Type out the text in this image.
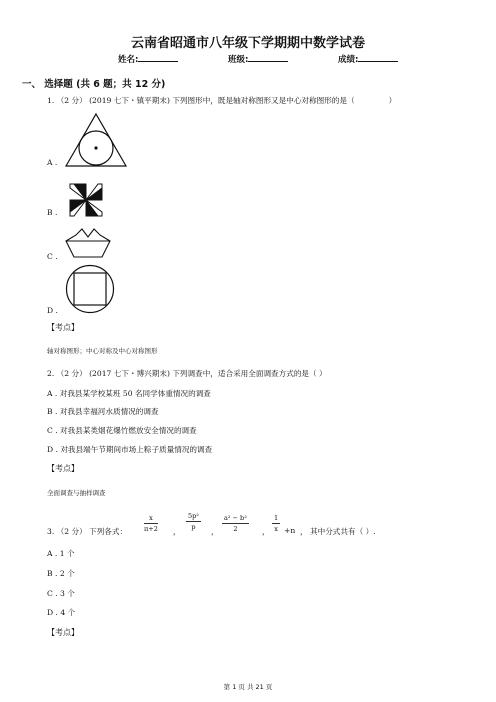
云南省昭通市八年级下学期期中数学试卷
姓名:	班级:	成绩:
一、 选择题 (共 6 题；共 12 分)
1. （2 分） (2019 七下・镇平期末) 下列图形中，既是轴对称图形又是中心对称图形的是（	）
A .
B .
C .
D .
【考点】
轴对称图形；中心对称及中心对称图形
2. （2 分） (2017 七下・博兴期末) 下列调查中，适合采用全面调查方式的是（ ）
A . 对我县某学校某班 50 名同学体重情况的调查
B . 对我县幸福河水质情况的调查
C . 对我县某类烟花爆竹燃放安全情况的调查
D . 对我县端午节期间市场上粽子质量情况的调查
【考点】
全面调查与抽样调查
3. （2 分） 下列各式：	$\frac{x}{\pi+2}$ ，
$\frac{\text{5p²}}{p}$
， $\frac{\text{a² − b²}}{2}$ ， $\frac{1}{x} +n$ ， 其中分式共有（ ）.
A . 1 个
B . 2 个
C . 3 个
D . 4 个
【考点】
第 1 页 共 21 页
